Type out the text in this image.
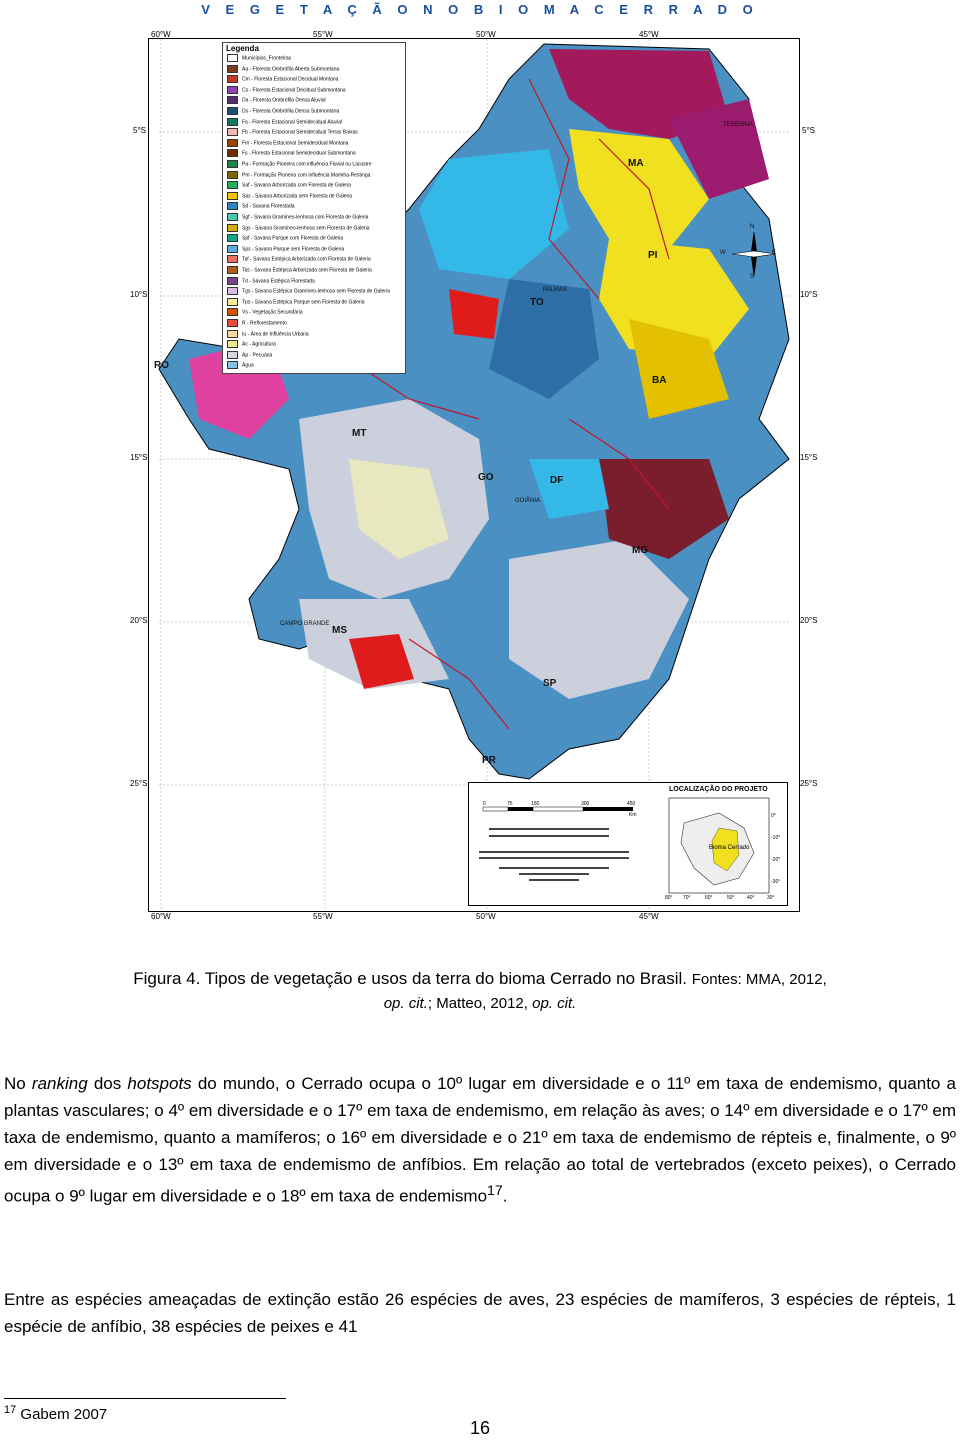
V E G E T A Ç Ã O N O B I O M A C E R R A D O
60°W	55°W	50°W	45°W
60°W	55°W	50°W	45°W
5°S
10°S
15°S
20°S
25°S
5°S
10°S
15°S
20°S
25°S
Legenda
Municípios_Fronteiras
Aa - Floresta Ombrófila Aberta Submontana
Cm - Floresta Estacional Decidual Montana
Cs - Floresta Estacional Decidual Submontana
Da - Floresta Ombrófila Densa Aluvial
Ds - Floresta Ombrófila Densa Submontana
Fa - Floresta Estacional Semidecidual Aluvial
Fb - Floresta Estacional Semidecidual Terras Baixas
Fm - Floresta Estacional Semidecidual Montana
Fs - Floresta Estacional Semidecidual Submontana
Pa - Formação Pioneira com influência Fluvial ou Lacustre
Pm - Formação Pioneira com influência Marinha-Restinga
Saf - Savana Arborizada com Floresta de Galeria
Sas - Savana Arborizada sem Floresta de Galeria
Sd - Savana Florestada
Sgf - Savana Gramíneo-lenhosa com Floresta de Galeria
Sgs - Savana Gramíneo-lenhosa sem Floresta de Galeria
Spf - Savana Parque com Floresta de Galeria
Sps - Savana Parque sem Floresta de Galeria
Taf - Savana Estépica Arborizada com Floresta de Galeria
Tas - Savana Estépica Arborizada sem Floresta de Galeria
Td - Savana Estépica Florestada
Tgs - Savana Estépica Gramíneo-lenhosa sem Floresta de Galeria
Tps - Savana Estépica Parque sem Floresta de Galeria
Vs - Vegetação Secundária
R - Reflorestamento
Iu - Área de Influência Urbana
Ac - Agricultura
Ap - Pecuária
Água
MA
PI
BA
TO
GO	DF
MT
MG
MS
SP
RO
PR
TERESINA
PALMAS
GOIÂNIA
CAMPO GRANDE
N
S
E
W
LOCALIZAÇÃO DO PROJETO
0	75	150	300	450
Km
Bioma Cerrado
0°
-10°
-20°
-30°
80° 70°	60°	50° 40° 30°
Figura 4. Tipos de vegetação e usos da terra do bioma Cerrado no Brasil. Fontes: MMA, 2012,
op. cit.; Matteo, 2012, op. cit.
No ranking dos hotspots do mundo, o Cerrado ocupa o 10º lugar em diversidade e o 11º em taxa de endemismo, quanto a plantas vasculares; o 4º em diversidade e o 17º em taxa de endemismo, em relação às aves; o 14º em diversidade e o 17º em taxa de endemismo, quanto a mamíferos; o 16º em diversidade e o 21º em taxa de endemismo de répteis e, finalmente, o 9º em diversidade e o 13º em taxa de endemismo de anfíbios. Em relação ao total de vertebrados (exceto peixes), o Cerrado ocupa o 9º lugar em diversidade e o 18º em taxa de endemismo$^{17}$.
Entre as espécies ameaçadas de extinção estão 26 espécies de aves, 23 espécies de mamíferos, 3 espécies de répteis, 1 espécie de anfíbio, 38 espécies de peixes e 41
$^{17}$ Gabem 2007
16
